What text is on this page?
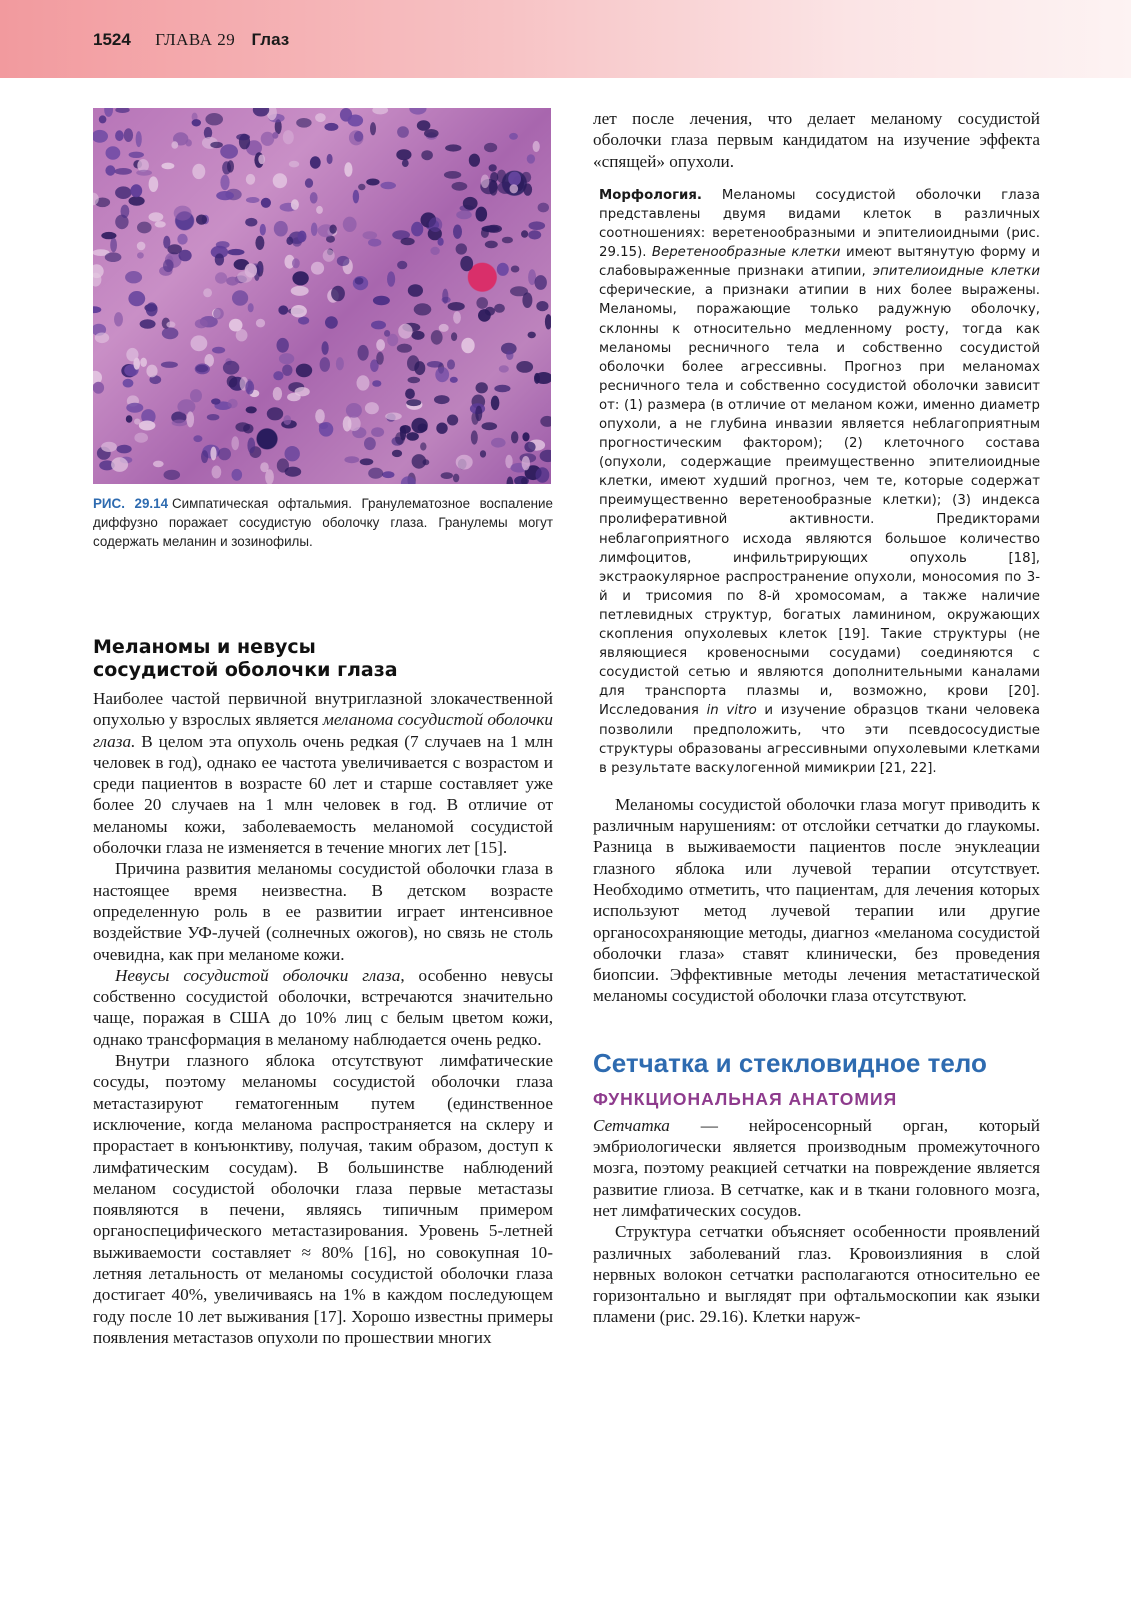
1524 ГЛАВА 29 Глаз
РИС. 29.14 Симпатическая офтальмия. Гранулематозное воспаление диффузно поражает сосудистую оболочку глаза. Гранулемы могут содержать меланин и зозинофилы.
Меланомы и невусы
сосудистой оболочки глаза

Наиболее частой первичной внутриглазной злокачественной опухолью у взрослых является меланома сосудистой оболочки глаза. В целом эта опухоль очень редкая (7 случаев на 1 млн человек в год), однако ее частота увеличивается с возрастом и среди пациентов в возрасте 60 лет и старше составляет уже более 20 случаев на 1 млн человек в год. В отличие от меланомы кожи, заболеваемость меланомой сосудистой оболочки глаза не изменяется в течение многих лет [15].

Причина развития меланомы сосудистой оболочки глаза в настоящее время неизвестна. В детском возрасте определенную роль в ее развитии играет интенсивное воздействие УФ-лучей (солнечных ожогов), но связь не столь очевидна, как при меланоме кожи.

Невусы сосудистой оболочки глаза, особенно невусы собственно сосудистой оболочки, встречаются значительно чаще, поражая в США до 10% лиц с белым цветом кожи, однако трансформация в меланому наблюдается очень редко.

Внутри глазного яблока отсутствуют лимфатические сосуды, поэтому меланомы сосудистой оболочки глаза метастазируют гематогенным путем (единственное исключение, когда меланома распространяется на склеру и прорастает в конъюнктиву, получая, таким образом, доступ к лимфатическим сосудам). В большинстве наблюдений меланом сосудистой оболочки глаза первые метастазы появляются в печени, являясь типичным примером органоспецифического метастазирования. Уровень 5-летней выживаемости составляет ≈ 80% [16], но совокупная 10-летняя летальность от меланомы сосудистой оболочки глаза достигает 40%, увеличиваясь на 1% в каждом последующем году после 10 лет выживания [17]. Хорошо известны примеры появления метастазов опухоли по прошествии многих

лет после лечения, что делает меланому сосудистой оболочки глаза первым кандидатом на изучение эффекта «спящей» опухоли.

Морфология. Меланомы сосудистой оболочки глаза представлены двумя видами клеток в различных соотношениях: веретенообразными и эпителиоидными (рис. 29.15). Веретенообразные клетки имеют вытянутую форму и слабовыраженные признаки атипии, эпителиоидные клетки сферические, а признаки атипии в них более выражены. Меланомы, поражающие только радужную оболочку, склонны к относительно медленному росту, тогда как меланомы ресничного тела и собственно сосудистой оболочки более агрессивны. Прогноз при меланомах ресничного тела и собственно сосудистой оболочки зависит от: (1) размера (в отличие от меланом кожи, именно диаметр опухоли, а не глубина инвазии является неблагоприятным прогностическим фактором); (2) клеточного состава (опухоли, содержащие преимущественно эпителиоидные клетки, имеют худший прогноз, чем те, которые содержат преимущественно веретенообразные клетки); (3) индекса пролиферативной активности. Предикторами неблагоприятного исхода являются большое количество лимфоцитов, инфильтрирующих опухоль [18], экстраокулярное распространение опухоли, моносомия по 3-й и трисомия по 8-й хромосомам, а также наличие петлевидных структур, богатых ламинином, окружающих скопления опухолевых клеток [19]. Такие структуры (не являющиеся кровеносными сосудами) соединяются с сосудистой сетью и являются дополнительными каналами для транспорта плазмы и, возможно, крови [20]. Исследования in vitro и изучение образцов ткани человека позволили предположить, что эти псевдососудистые структуры образованы агрессивными опухолевыми клетками в результате васкулогенной мимикрии [21, 22].

Меланомы сосудистой оболочки глаза могут приводить к различным нарушениям: от отслойки сетчатки до глаукомы. Разница в выживаемости пациентов после энуклеации глазного яблока или лучевой терапии отсутствует. Необходимо отметить, что пациентам, для лечения которых используют метод лучевой терапии или другие органосохраняющие методы, диагноз «меланома сосудистой оболочки глаза» ставят клинически, без проведения биопсии. Эффективные методы лечения метастатической меланомы сосудистой оболочки глаза отсутствуют.

Сетчатка и стекловидное тело
ФУНКЦИОНАЛЬНАЯ АНАТОМИЯ

Сетчатка — нейросенсорный орган, который эмбриологически является производным промежуточного мозга, поэтому реакцией сетчатки на повреждение является развитие глиоза. В сетчатке, как и в ткани головного мозга, нет лимфатических сосудов.

Структура сетчатки объясняет особенности проявлений различных заболеваний глаз. Кровоизлияния в слой нервных волокон сетчатки располагаются относительно ее горизонтально и выглядят при офтальмоскопии как языки пламени (рис. 29.16). Клетки наруж-
